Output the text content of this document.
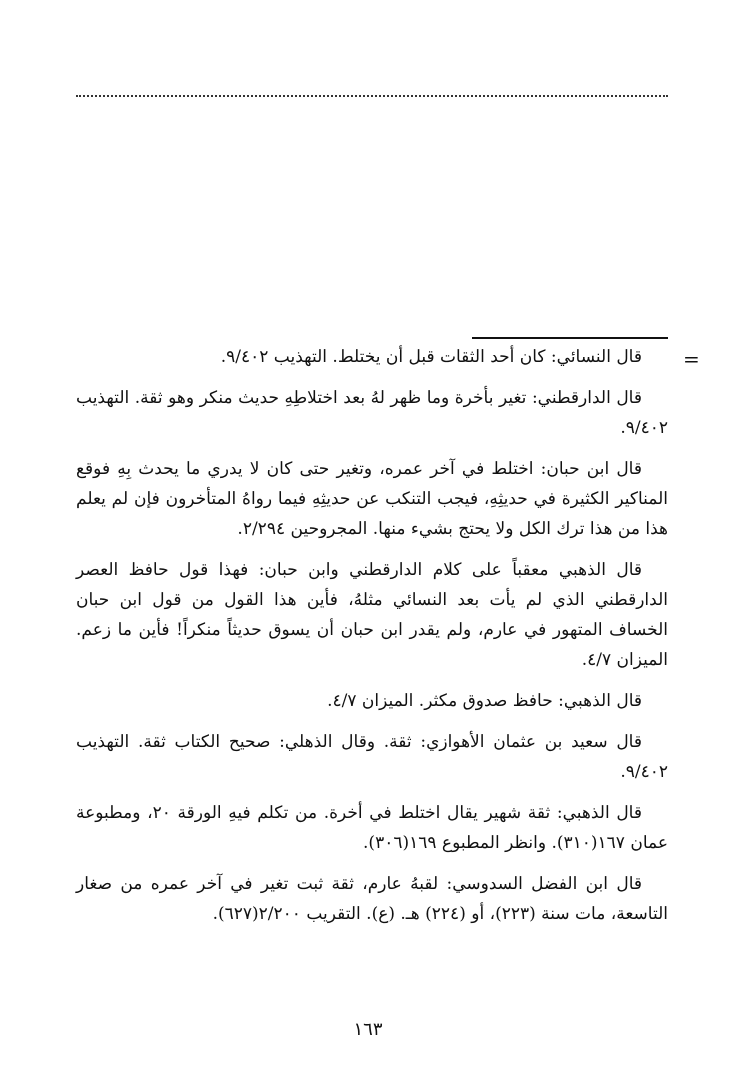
=

قال النسائي: كان أحد الثقات قبل أن يختلط. التهذيب ٩/٤٠٢.

قال الدارقطني: تغير بأخرة وما ظهر لهُ بعد اختلاطِهِ حديث منكر وهو ثقة. التهذيب ٩/٤٠٢.

قال ابن حبان: اختلط في آخر عمره، وتغير حتى كان لا يدري ما يحدث بِهِ فوقع المناكير الكثيرة في حديثِهِ، فيجب التنكب عن حديثِهِ فيما رواهُ المتأخرون فإن لم يعلم هذا من هذا ترك الكل ولا يحتج بشيء منها. المجروحين ٢/٢٩٤.

قال الذهبي معقباً على كلام الدارقطني وابن حبان: فهذا قول حافظ العصر الدارقطني الذي لم يأت بعد النسائي مثلهُ، فأين هذا القول من قول ابن حبان الخساف المتهور في عارم، ولم يقدر ابن حبان أن يسوق حديثاً منكراً! فأين ما زعم. الميزان ٤/٧.

قال الذهبي: حافظ صدوق مكثر. الميزان ٤/٧.

قال سعيد بن عثمان الأهوازي: ثقة. وقال الذهلي: صحيح الكتاب ثقة. التهذيب ٩/٤٠٢.

قال الذهبي: ثقة شهير يقال اختلط في أخرة. من تكلم فيهِ الورقة ٢٠، ومطبوعة عمان ١٦٧(٣١٠). وانظر المطبوع ١٦٩(٣٠٦).

قال ابن الفضل السدوسي: لقبهُ عارم، ثقة ثبت تغير في آخر عمره من صغار التاسعة، مات سنة (٢٢٣)، أو (٢٢٤) هـ. (ع). التقريب ٢/٢٠٠(٦٢٧).

١٦٣
